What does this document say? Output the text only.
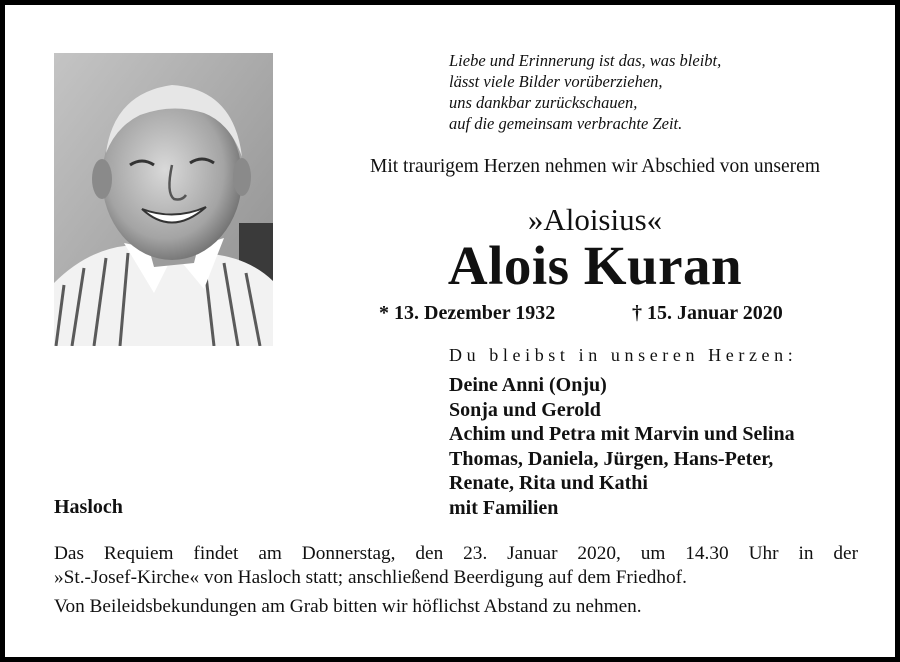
Liebe und Erinnerung ist das, was bleibt,
lässt viele Bilder vorüberziehen,
uns dankbar zurückschauen,
auf die gemeinsam verbrachte Zeit.
Mit traurigem Herzen nehmen wir Abschied von unserem
»Aloisius«
Alois Kuran
* 13. Dezember 1932	† 15. Januar 2020
Du bleibst in unseren Herzen:
Deine Anni (Onju)
Sonja und Gerold
Achim und Petra mit Marvin und Selina
Thomas, Daniela, Jürgen, Hans-Peter,
Renate, Rita und Kathi
mit Familien
Hasloch
Das Requiem findet am Donnerstag, den 23. Januar 2020, um 14.30 Uhr in der
»St.-Josef-Kirche« von Hasloch statt; anschließend Beerdigung auf dem Friedhof.
Von Beileidsbekundungen am Grab bitten wir höflichst Abstand zu nehmen.
